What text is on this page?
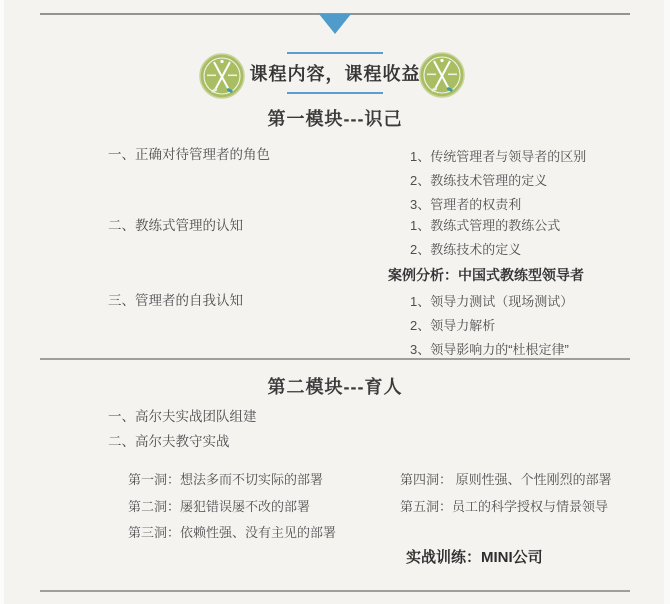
课程内容，课程收益
第一模块---识己
一、正确对待管理者的角色
二、教练式管理的认知
三、管理者的自我认知
1、传统管理者与领导者的区别
2、教练技术管理的定义
3、管理者的权责利
1、教练式管理的教练公式
2、教练技术的定义
案例分析：中国式教练型领导者
1、领导力测试（现场测试）
2、领导力解析
3、领导影响力的“杜根定律”
第二模块---育人
一、高尔夫实战团队组建
二、高尔夫教守实战
第一洞：想法多而不切实际的部署
第二洞：屡犯错误屡不改的部署
第三洞：依赖性强、没有主见的部署
第四洞： 原则性强、个性刚烈的部署
第五洞：员工的科学授权与情景领导
实战训练：MINI公司
